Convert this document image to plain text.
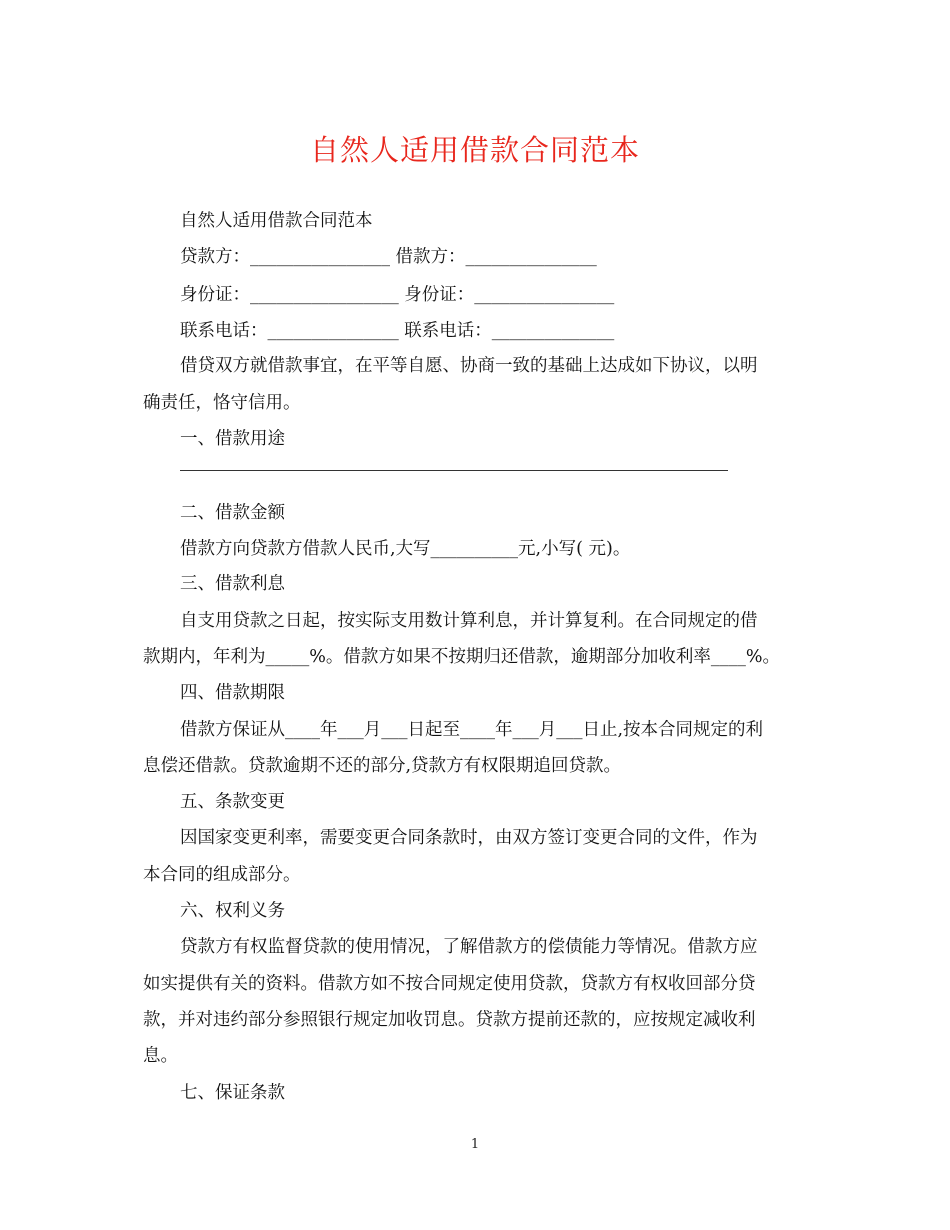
自然人适用借款合同范本
自然人适用借款合同范本
贷款方：________________ 借款方：_______________
身份证：_________________ 身份证：________________
联系电话：_______________ 联系电话：______________
借贷双方就借款事宜，在平等自愿、协商一致的基础上达成如下协议，以明
确责任，恪守信用。
一、借款用途
二、借款金额
借款方向贷款方借款人民币,大写__________元,小写( 元)。
三、借款利息
自支用贷款之日起，按实际支用数计算利息，并计算复利。在合同规定的借
款期内，年利为_____%。借款方如果不按期归还借款，逾期部分加收利率____%。
四、借款期限
借款方保证从____年___月___日起至____年___月___日止,按本合同规定的利
息偿还借款。贷款逾期不还的部分,贷款方有权限期追回贷款。
五、条款变更
因国家变更利率，需要变更合同条款时，由双方签订变更合同的文件，作为
本合同的组成部分。
六、权利义务
贷款方有权监督贷款的使用情况，了解借款方的偿债能力等情况。借款方应
如实提供有关的资料。借款方如不按合同规定使用贷款，贷款方有权收回部分贷
款，并对违约部分参照银行规定加收罚息。贷款方提前还款的，应按规定减收利
息。
七、保证条款
1
